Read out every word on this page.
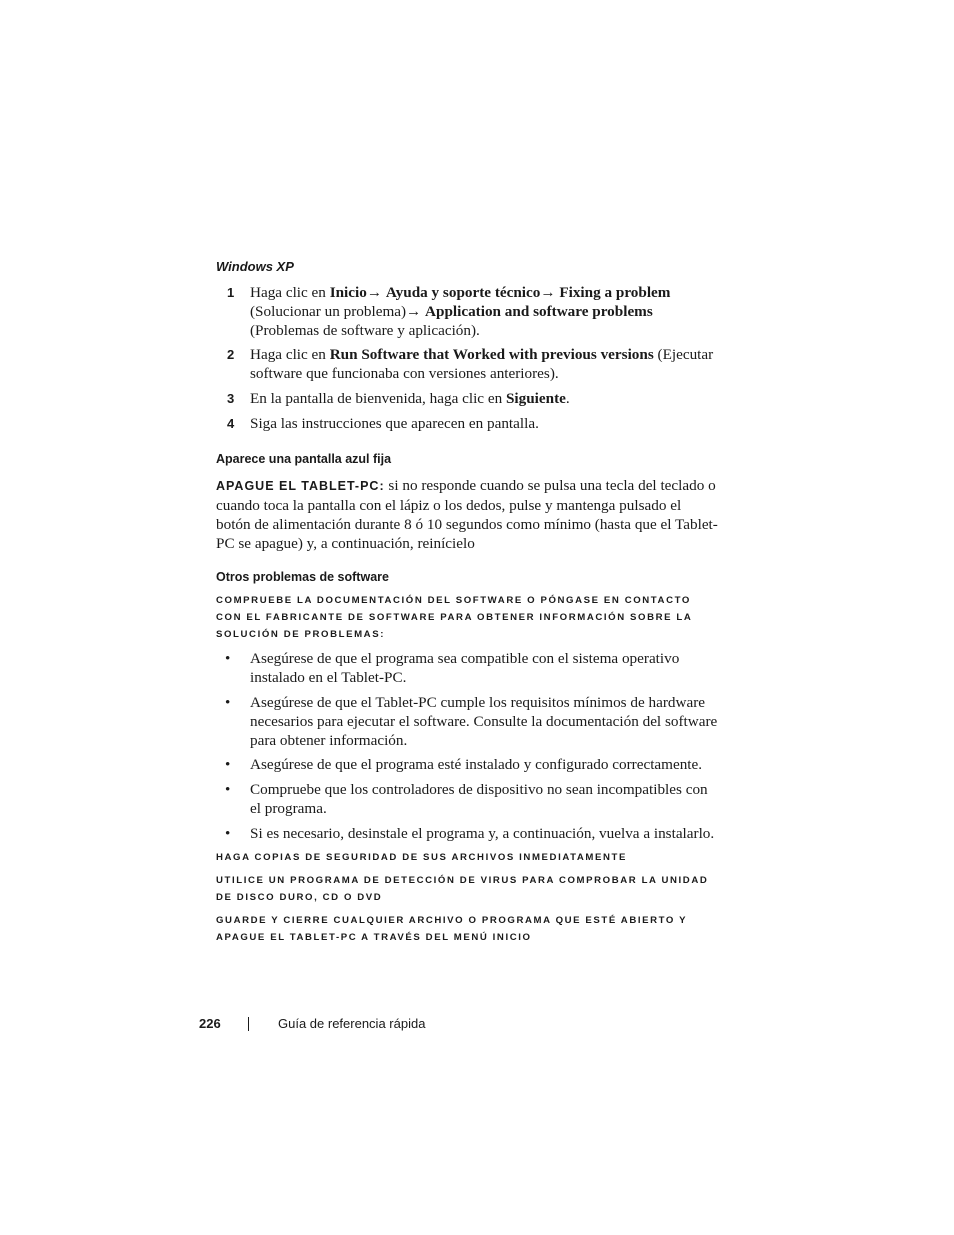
Windows XP
1 Haga clic en Inicio→ Ayuda y soporte técnico→ Fixing a problem (Solucionar un problema)→ Application and software problems (Problemas de software y aplicación).
2 Haga clic en Run Software that Worked with previous versions (Ejecutar software que funcionaba con versiones anteriores).
3 En la pantalla de bienvenida, haga clic en Siguiente.
4 Siga las instrucciones que aparecen en pantalla.
Aparece una pantalla azul fija
APAGUE EL TABLET-PC: si no responde cuando se pulsa una tecla del teclado o cuando toca la pantalla con el lápiz o los dedos, pulse y mantenga pulsado el botón de alimentación durante 8 ó 10 segundos como mínimo (hasta que el Tablet-PC se apague) y, a continuación, reinícielo
Otros problemas de software
COMPRUEBE LA DOCUMENTACIÓN DEL SOFTWARE O PÓNGASE EN CONTACTO CON EL FABRICANTE DE SOFTWARE PARA OBTENER INFORMACIÓN SOBRE LA SOLUCIÓN DE PROBLEMAS:
• Asegúrese de que el programa sea compatible con el sistema operativo instalado en el Tablet-PC.
• Asegúrese de que el Tablet-PC cumple los requisitos mínimos de hardware necesarios para ejecutar el software. Consulte la documentación del software para obtener información.
• Asegúrese de que el programa esté instalado y configurado correctamente.
• Compruebe que los controladores de dispositivo no sean incompatibles con el programa.
• Si es necesario, desinstale el programa y, a continuación, vuelva a instalarlo.
HAGA COPIAS DE SEGURIDAD DE SUS ARCHIVOS INMEDIATAMENTE
UTILICE UN PROGRAMA DE DETECCIÓN DE VIRUS PARA COMPROBAR LA UNIDAD DE DISCO DURO, CD O DVD
GUARDE Y CIERRE CUALQUIER ARCHIVO O PROGRAMA QUE ESTÉ ABIERTO Y APAGUE EL TABLET-PC A TRAVÉS DEL MENÚ INICIO
226	Guía de referencia rápida
